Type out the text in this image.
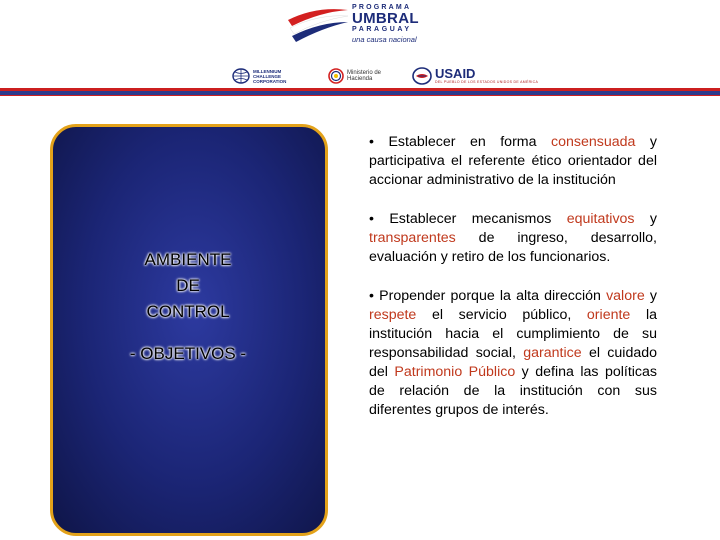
PROGRAMA
UMBRAL
PARAGUAY
una causa nacional
MILLENNIUM CHALLENGE CORPORATION
Ministerio de Hacienda	USAID
DEL PUEBLO DE LOS ESTADOS UNIDOS DE AMÉRICA
AMBIENTE
DE
CONTROL
- OBJETIVOS -

• Establecer en forma consensuada y participativa el referente ético orientador del accionar administrativo de la institución

• Establecer mecanismos equitativos y transparentes de ingreso, desarrollo, evaluación y retiro de los funcionarios.

• Propender porque la alta dirección valore y respete el servicio público, oriente la institución hacia el cumplimiento de su responsabilidad social, garantice el cuidado del Patrimonio Público y defina las políticas de relación de la institución con sus diferentes grupos de interés.
